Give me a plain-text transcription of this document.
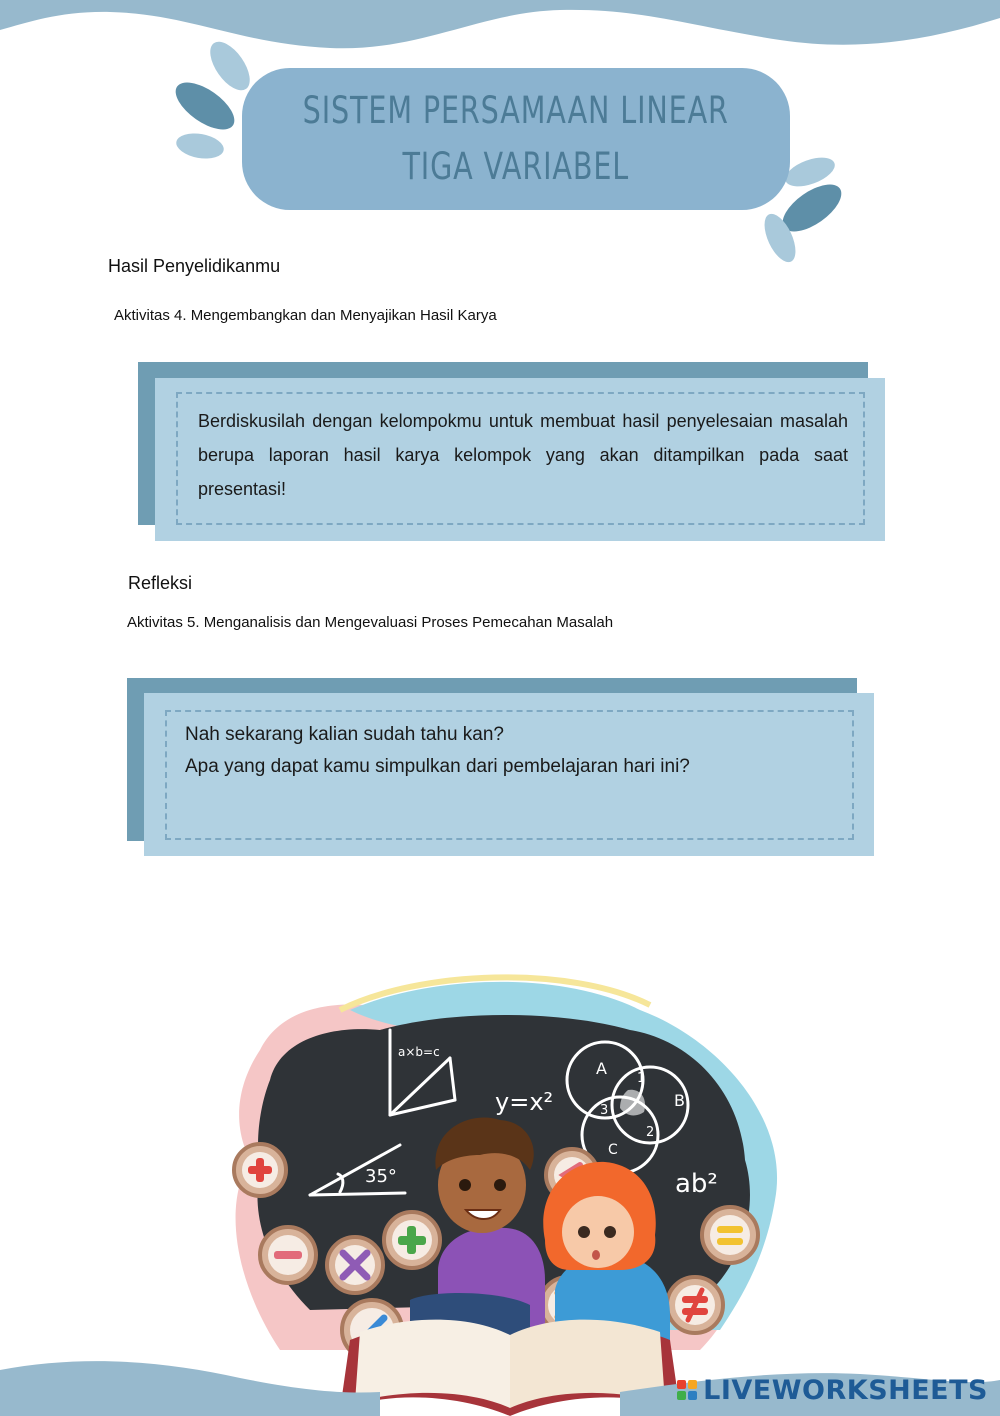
SISTEM PERSAMAAN LINEAR
TIGA VARIABEL
Hasil Penyelidikanmu
Aktivitas 4. Mengembangkan dan Menyajikan Hasil Karya
Berdiskusilah dengan kelompokmu untuk membuat hasil penyelesaian masalah berupa laporan hasil karya kelompok yang akan ditampilkan pada saat presentasi!
Refleksi
Aktivitas 5. Menganalisis dan Mengevaluasi Proses Pemecahan Masalah
Nah sekarang kalian sudah tahu kan?
Apa yang dapat kamu simpulkan dari pembelajaran hari ini?
a×b=c
y=x²
35°	ab²
A
B
C
1
2
3
LIVEWORKSHEETS
